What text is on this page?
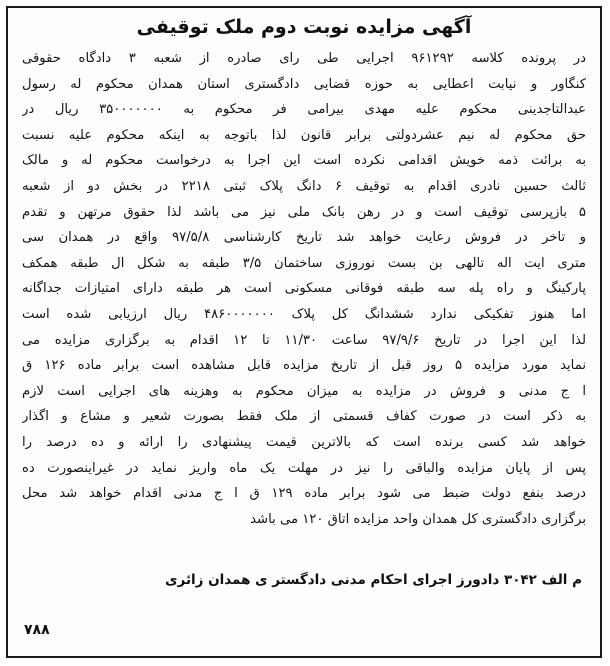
آگهی مزایده نوبت دوم ملک توقیفی
در پرونده کلاسه ۹۶۱۲۹۲ اجرایی طی رای صادره از شعبه ۳ دادگاه حقوقی
کنگاور و نیابت اعطایی به حوزه قضایی دادگستری استان همدان محکوم له رسول
عبدالتاجدینی محکوم علیه مهدی بیرامی فر محکوم به ۳۵۰۰۰۰۰۰۰ ریال در
حق محکوم له نیم عشردولتی برابر قانون لذا باتوجه به اینکه محکوم علیه نسبت
به برائت ذمه خویش اقدامی نکرده است این اجرا به درخواست محکوم له و مالک
ثالث حسین نادری اقدام به توقیف ۶ دانگ پلاک ثبتی ۲۲۱۸ در بخش دو از شعبه
۵ بازپرسی توقیف است و در رهن بانک ملی نیز می باشد لذا حقوق مرتهن و تقدم
و تاخر در فروش رعایت خواهد شد تاریخ کارشناسی ۹۷/۵/۸ واقع در همدان سی
متری ایت اله تالهی بن بست نوروزی ساختمان ۳/۵ طبقه به شکل ال طبقه همکف
پارکینگ و راه پله سه طبقه فوقانی مسکونی است هر طبقه دارای امتیازات جداگانه
اما هنوز تفکیکی ندارد ششدانگ کل پلاک ۴۸۶۰۰۰۰۰۰۰ ریال ارزیابی شده است
لذا این اجرا در تاریخ ۹۷/۹/۶ ساعت ۱۱/۳۰ تا ۱۲ اقدام به برگزاری مزایده می
نماید مورد مزایده ۵ روز قبل از تاریخ مزایده قابل مشاهده است برابر ماده ۱۲۶ ق
ا ج مدنی و فروش در مزایده به میزان محکوم به وهزینه های اجرایی است لازم
به ذکر است در صورت کفاف قسمتی از ملک فقط بصورت شعیر و مشاع و اگذار
خواهد شد کسی برنده است که بالاترین قیمت پیشنهادی را ارائه و ده درصد را
پس از پایان مزایده والباقی را نیز در مهلت یک ماه واریز نماید در غیراینصورت ده
درصد بنفع دولت ضبط می شود برابر ماده ۱۲۹ ق ا ج مدنی اقدام خواهد شد محل
برگزاری دادگستری کل همدان واحد مزایده اتاق ۱۲۰ می باشد
م الف ۳۰۴۲ دادورز اجرای احکام مدنی دادگستر ی همدان زائری
۷۸۸
